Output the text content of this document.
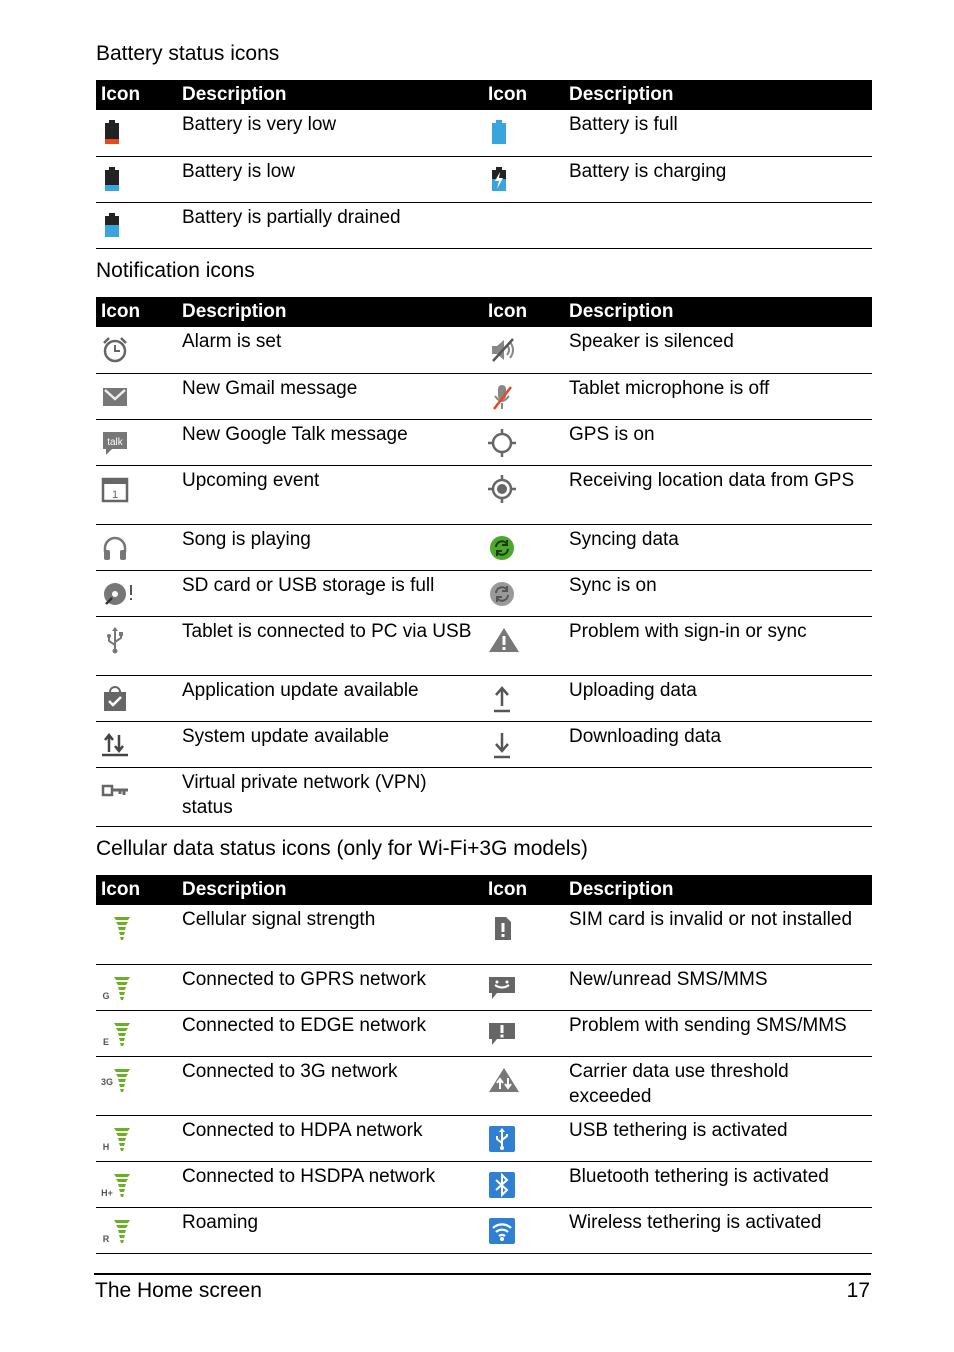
Battery status icons

Icon	Description	Icon	Description

	Battery is very low		Battery is full

	Battery is low		Battery is charging

	Battery is partially drained		

Notification icons

Icon	Description	Icon	Description

	Alarm is set		Speaker is silenced

	New Gmail message		Tablet microphone is off

talk	New Google Talk message		GPS is on

1	Upcoming event		Receiving location data from GPS

	Song is playing		Syncing data

	SD card or USB storage is full		Sync is on

	Tablet is connected to PC via USB		Problem with sign-in or sync

	Application update available		Uploading data

	System update available		Downloading data

	Virtual private network (VPN) status		

Cellular data status icons (only for Wi-Fi+3G models)

Icon	Description	Icon	Description

	Cellular signal strength		SIM card is invalid or not installed

G	Connected to GPRS network		New/unread SMS/MMS

E	Connected to EDGE network		Problem with sending SMS/MMS

3G	Connected to 3G network		Carrier data use threshold exceeded

H	Connected to HDPA network		USB tethering is activated

H+	Connected to HSDPA network		Bluetooth tethering is activated

R	Roaming		Wireless tethering is activated
The Home screen	17
